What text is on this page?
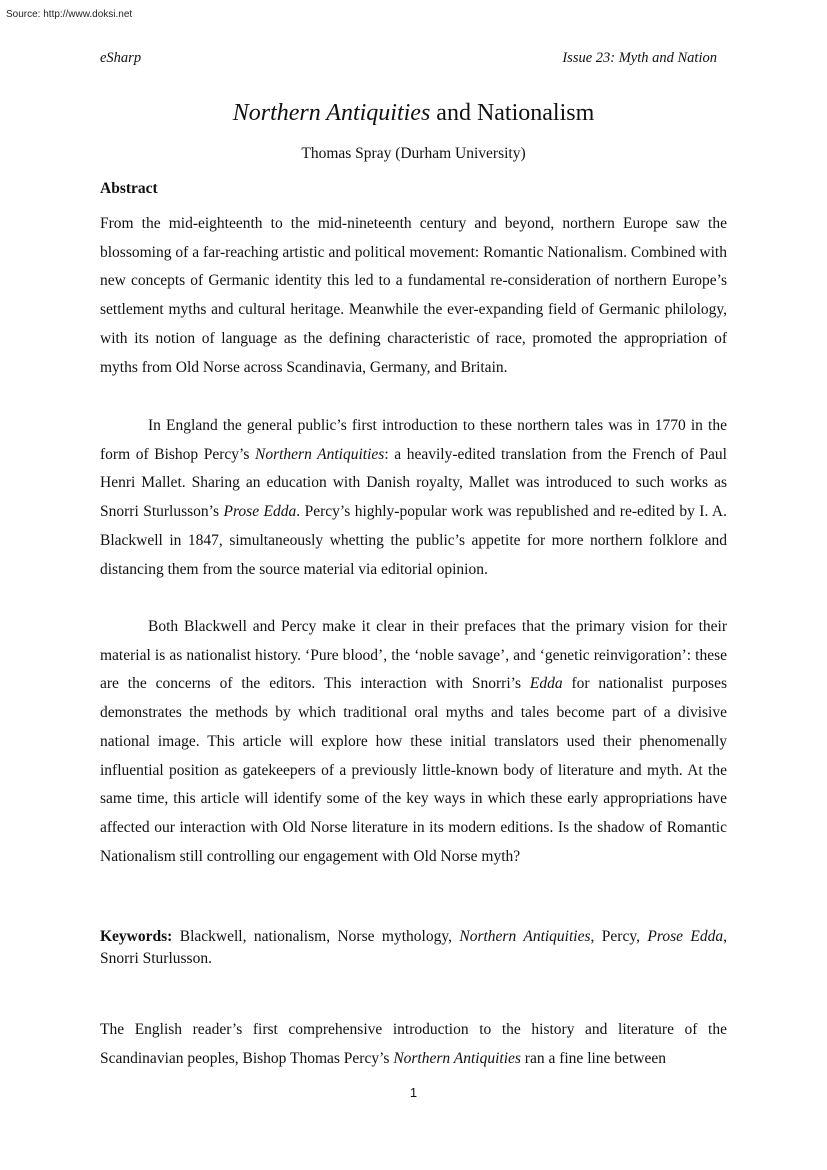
Source: http://www.doksi.net
eSharp	Issue 23: Myth and Nation
Northern Antiquities and Nationalism
Thomas Spray (Durham University)
Abstract

From the mid-eighteenth to the mid-nineteenth century and beyond, northern Europe saw the blossoming of a far-reaching artistic and political movement: Romantic Nationalism. Combined with new concepts of Germanic identity this led to a fundamental re-consideration of northern Europe’s settlement myths and cultural heritage. Meanwhile the ever-expanding field of Germanic philology, with its notion of language as the defining characteristic of race, promoted the appropriation of myths from Old Norse across Scandinavia, Germany, and Britain.

In England the general public’s first introduction to these northern tales was in 1770 in the form of Bishop Percy’s Northern Antiquities: a heavily-edited translation from the French of Paul Henri Mallet. Sharing an education with Danish royalty, Mallet was introduced to such works as Snorri Sturlusson’s Prose Edda. Percy’s highly-popular work was republished and re-edited by I. A. Blackwell in 1847, simultaneously whetting the public’s appetite for more northern folklore and distancing them from the source material via editorial opinion.

Both Blackwell and Percy make it clear in their prefaces that the primary vision for their material is as nationalist history. ‘Pure blood’, the ‘noble savage’, and ‘genetic reinvigoration’: these are the concerns of the editors. This interaction with Snorri’s Edda for nationalist purposes demonstrates the methods by which traditional oral myths and tales become part of a divisive national image. This article will explore how these initial translators used their phenomenally influential position as gatekeepers of a previously little-known body of literature and myth. At the same time, this article will identify some of the key ways in which these early appropriations have affected our interaction with Old Norse literature in its modern editions. Is the shadow of Romantic Nationalism still controlling our engagement with Old Norse myth?

Keywords: Blackwell, nationalism, Norse mythology, Northern Antiquities, Percy, Prose Edda, Snorri Sturlusson.

The English reader’s first comprehensive introduction to the history and literature of the Scandinavian peoples, Bishop Thomas Percy’s Northern Antiquities ran a fine line between

1
